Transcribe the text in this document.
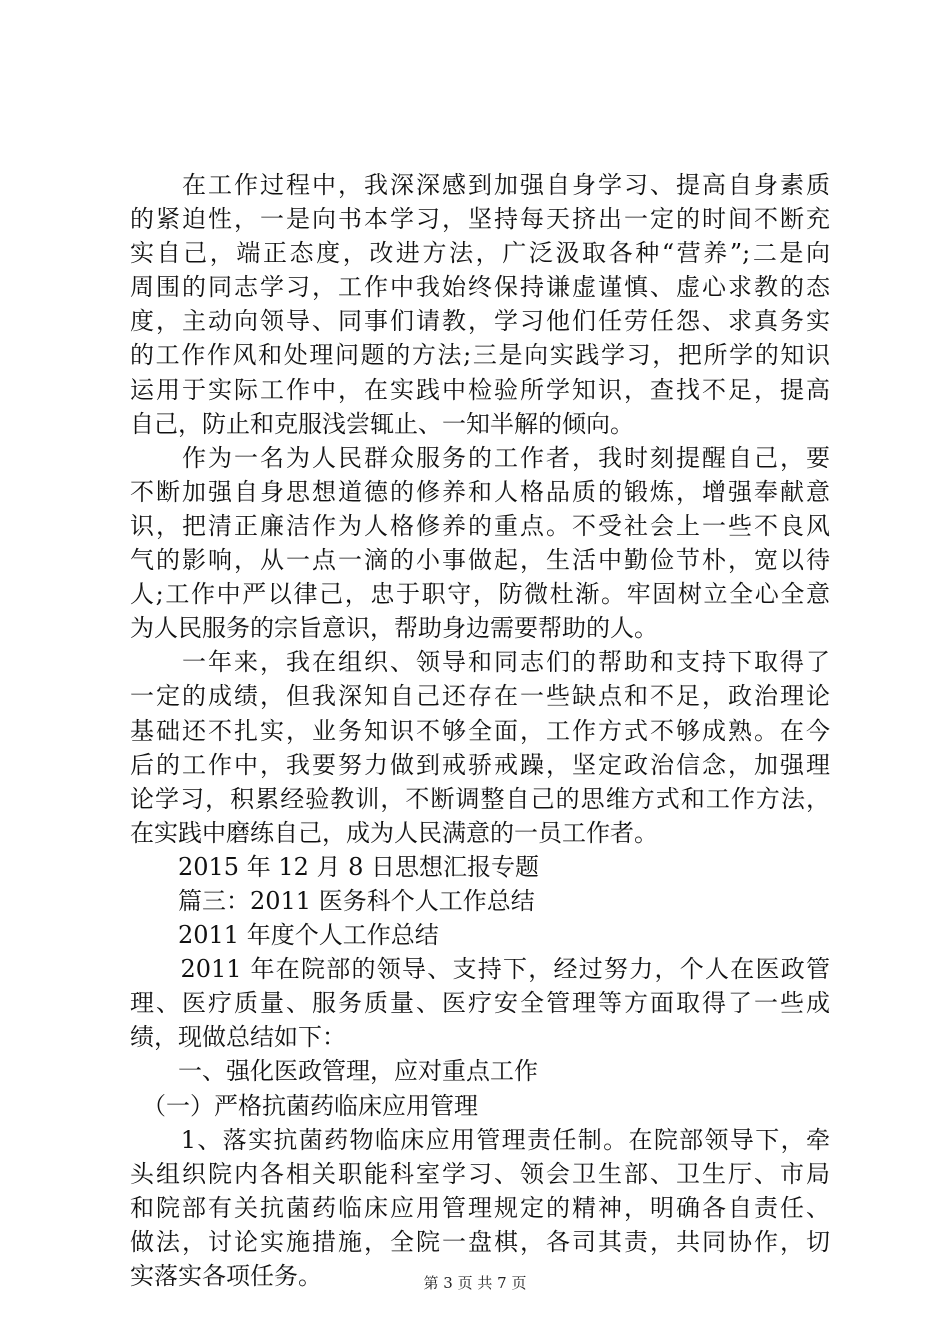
　　在工作过程中，我深深感到加强自身学习、提高自身素质
的紧迫性，一是向书本学习，坚持每天挤出一定的时间不断充
实自己，端正态度，改进方法，广泛汲取各种“营养”;二是向
周围的同志学习，工作中我始终保持谦虚谨慎、虚心求教的态
度，主动向领导、同事们请教，学习他们任劳任怨、求真务实
的工作作风和处理问题的方法;三是向实践学习，把所学的知识
运用于实际工作中，在实践中检验所学知识，查找不足，提高
自己，防止和克服浅尝辄止、一知半解的倾向。
　　作为一名为人民群众服务的工作者，我时刻提醒自己，要
不断加强自身思想道德的修养和人格品质的锻炼，增强奉献意
识，把清正廉洁作为人格修养的重点。不受社会上一些不良风
气的影响，从一点一滴的小事做起，生活中勤俭节朴，宽以待
人;工作中严以律己，忠于职守，防微杜渐。牢固树立全心全意
为人民服务的宗旨意识，帮助身边需要帮助的人。
　　一年来，我在组织、领导和同志们的帮助和支持下取得了
一定的成绩，但我深知自己还存在一些缺点和不足，政治理论
基础还不扎实，业务知识不够全面，工作方式不够成熟。在今
后的工作中，我要努力做到戒骄戒躁，坚定政治信念，加强理
论学习，积累经验教训，不断调整自己的思维方式和工作方法，
在实践中磨练自己，成为人民满意的一员工作者。
　　2015 年 12 月 8 日思想汇报专题
　　篇三：2011 医务科个人工作总结
　　2011 年度个人工作总结
　　2011 年在院部的领导、支持下，经过努力，个人在医政管
理、医疗质量、服务质量、医疗安全管理等方面取得了一些成
绩，现做总结如下：
　　一、强化医政管理，应对重点工作
　（一）严格抗菌药临床应用管理
　　1、落实抗菌药物临床应用管理责任制。在院部领导下，牵
头组织院内各相关职能科室学习、领会卫生部、卫生厅、市局
和院部有关抗菌药临床应用管理规定的精神，明确各自责任、
做法，讨论实施措施，全院一盘棋，各司其责，共同协作，切
实落实各项任务。	第 3 页 共 7 页
